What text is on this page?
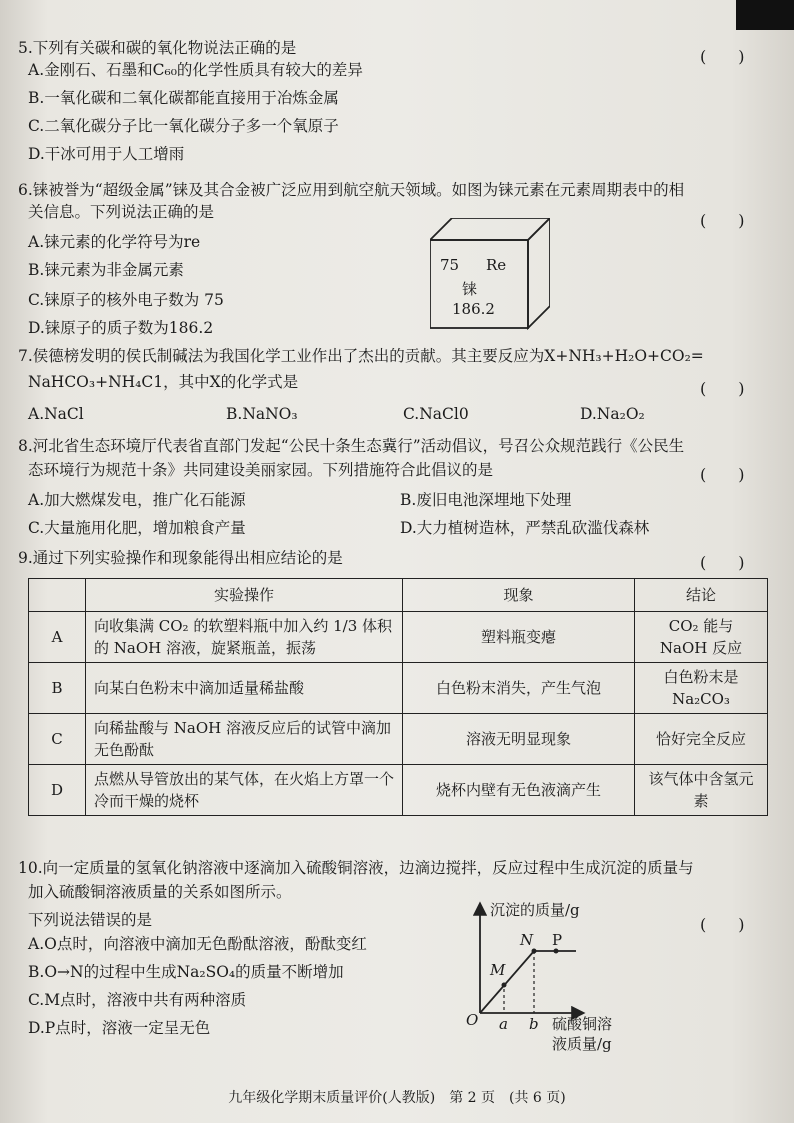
5.下列有关碳和碳的氧化物说法正确的是	(　　)
A.金刚石、石墨和C₆₀的化学性质具有较大的差异
B.一氧化碳和二氧化碳都能直接用于冶炼金属
C.二氧化碳分子比一氧化碳分子多一个氧原子
D.干冰可用于人工增雨
6.铼被誉为“超级金属”铼及其合金被广泛应用到航空航天领域。如图为铼元素在元素周期表中的相
关信息。下列说法正确的是	(　　)
A.铼元素的化学符号为re
B.铼元素为非金属元素
C.铼原子的核外电子数为 75
D.铼原子的质子数为186.2
75 Re
铼
186.2
7.侯德榜发明的侯氏制碱法为我国化学工业作出了杰出的贡献。其主要反应为X+NH₃+H₂O+CO₂=
NaHCO₃+NH₄C1，其中X的化学式是	(　　)
A.NaCl	B.NaNO₃	C.NaCl0	D.Na₂O₂
8.河北省生态环境厅代表省直部门发起“公民十条生态冀行”活动倡议，号召公众规范践行《公民生
态环境行为规范十条》共同建设美丽家园。下列措施符合此倡议的是	(　　)
A.加大燃煤发电，推广化石能源	B.废旧电池深埋地下处理
C.大量施用化肥，增加粮食产量	D.大力植树造林，严禁乱砍滥伐森林
9.通过下列实验操作和现象能得出相应结论的是	(　　)
	实验操作	现象	结论
A	向收集满 CO₂ 的软塑料瓶中加入约 1/3 体积的 NaOH 溶液，旋紧瓶盖，振荡	塑料瓶变瘪	CO₂ 能与 NaOH 反应
B	向某白色粉末中滴加适量稀盐酸	白色粉末消失，产生气泡	白色粉末是 Na₂CO₃
C	向稀盐酸与 NaOH 溶液反应后的试管中滴加无色酚酞	溶液无明显现象	恰好完全反应
D	点燃从导管放出的某气体，在火焰上方罩一个冷而干燥的烧杯	烧杯内壁有无色液滴产生	该气体中含氢元素
10.向一定质量的氢氧化钠溶液中逐滴加入硫酸铜溶液，边滴边搅拌，反应过程中生成沉淀的质量与
加入硫酸铜溶液质量的关系如图所示。
下列说法错误的是	(　　)
A.O点时，向溶液中滴加无色酚酞溶液，酚酞变红
B.O→N的过程中生成Na₂SO₄的质量不断增加
C.M点时，溶液中共有两种溶质
D.P点时，溶液一定呈无色
沉淀的质量/g
O a b
M
N P
硫酸铜溶
液质量/g
九年级化学期末质量评价(人教版)　第 2 页　(共 6 页)
